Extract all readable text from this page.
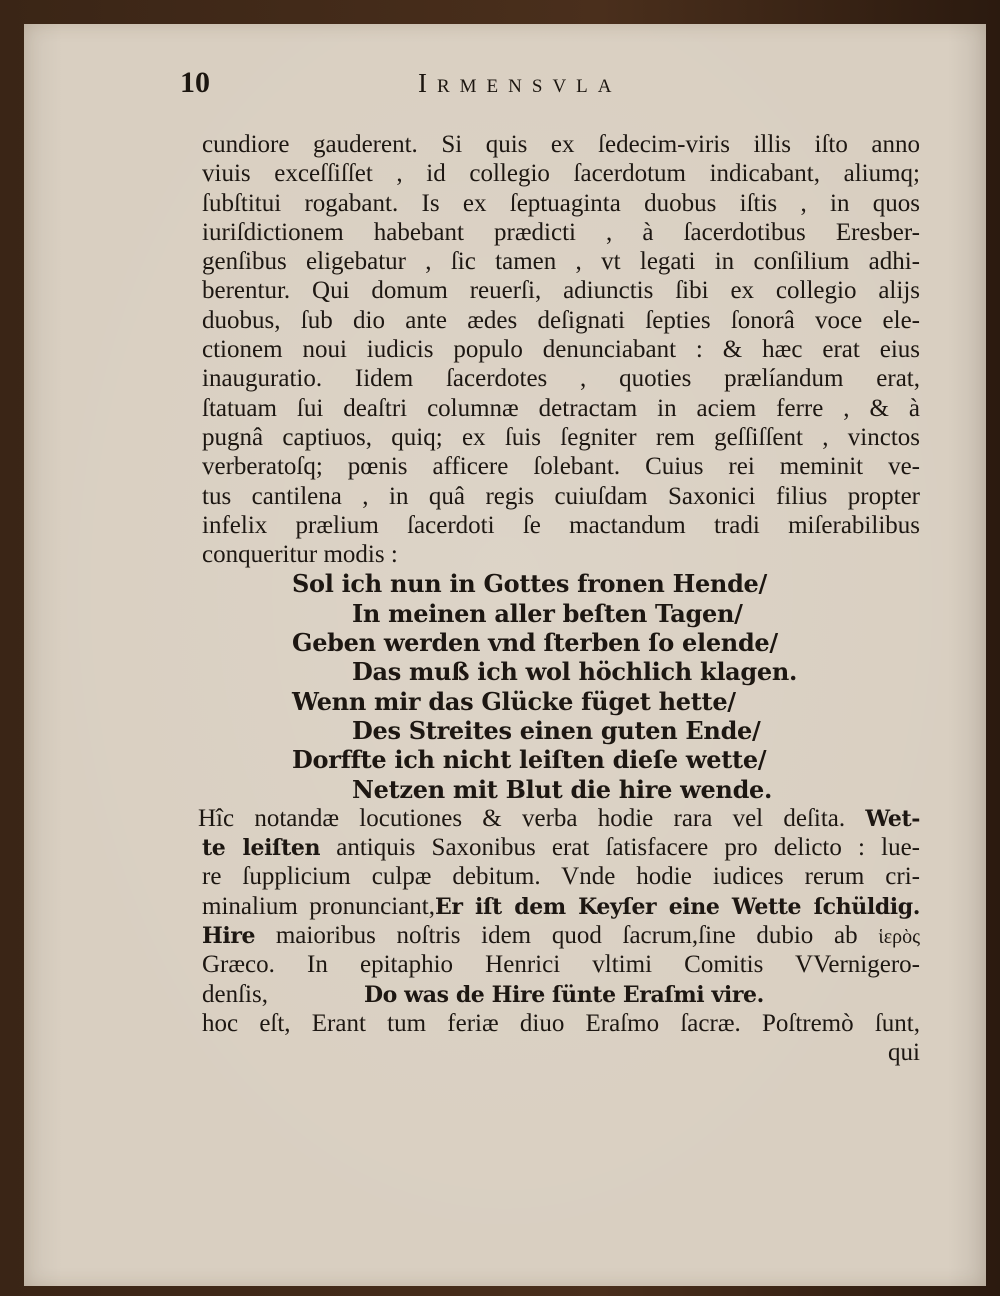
10	Irmensvla
cundiore gauderent. Si quis ex ſedecim-viris illis iſto anno
viuis exceſſiſſet , id collegio ſacerdotum indicabant, aliumq;
ſubſtitui rogabant. Is ex ſeptuaginta duobus iſtis , in quos
iuriſdictionem habebant prædicti , à ſacerdotibus Eresber-
genſibus eligebatur , ſic tamen , vt legati in conſilium adhi-
berentur. Qui domum reuerſi, adiunctis ſibi ex collegio alijs
duobus, ſub dio ante ædes deſignati ſepties ſonorâ voce ele-
ctionem noui iudicis populo denunciabant : & hæc erat eius
inauguratio. Iidem ſacerdotes , quoties prælíandum erat,
ſtatuam ſui deaſtri columnæ detractam in aciem ferre , & à
pugnâ captiuos, quiq; ex ſuis ſegniter rem geſſiſſent , vinctos
verberatoſq; pœnis afficere ſolebant. Cuius rei meminit ve-
tus cantilena , in quâ regis cuiuſdam Saxonici filius propter
infelix prælium ſacerdoti ſe mactandum tradi miſerabilibus
conqueritur modis :
Sol ich nun in Gottes fronen Hende/
In meinen aller beſten Tagen/
Geben werden vnd ſterben ſo elende/
Das muß ich wol höchlich klagen.
Wenn mir das Glücke füget hette/
Des Streites einen guten Ende/
Dorffte ich nicht leiſten dieſe wette/
Netzen mit Blut die hire wende.
Hîc notandæ locutiones & verba hodie rara vel deſita. Wet-
te leiſten antiquis Saxonibus erat ſatisfacere pro delicto : lue-
re ſupplicium culpæ debitum. Vnde hodie iudices rerum cri-
minalium pronunciant,Er iſt dem Keyſer eine Wette ſchüldig.
Hire maioribus noſtris idem quod ſacrum,ſine dubio ab ἱερὸς
Græco. In epitaphio Henrici vltimi Comitis VVernigero-
denſis,	Do was de Hire ſünte Eraſmi vire.
hoc eſt, Erant tum feriæ diuo Eraſmo ſacræ. Poſtremò ſunt,
qui
